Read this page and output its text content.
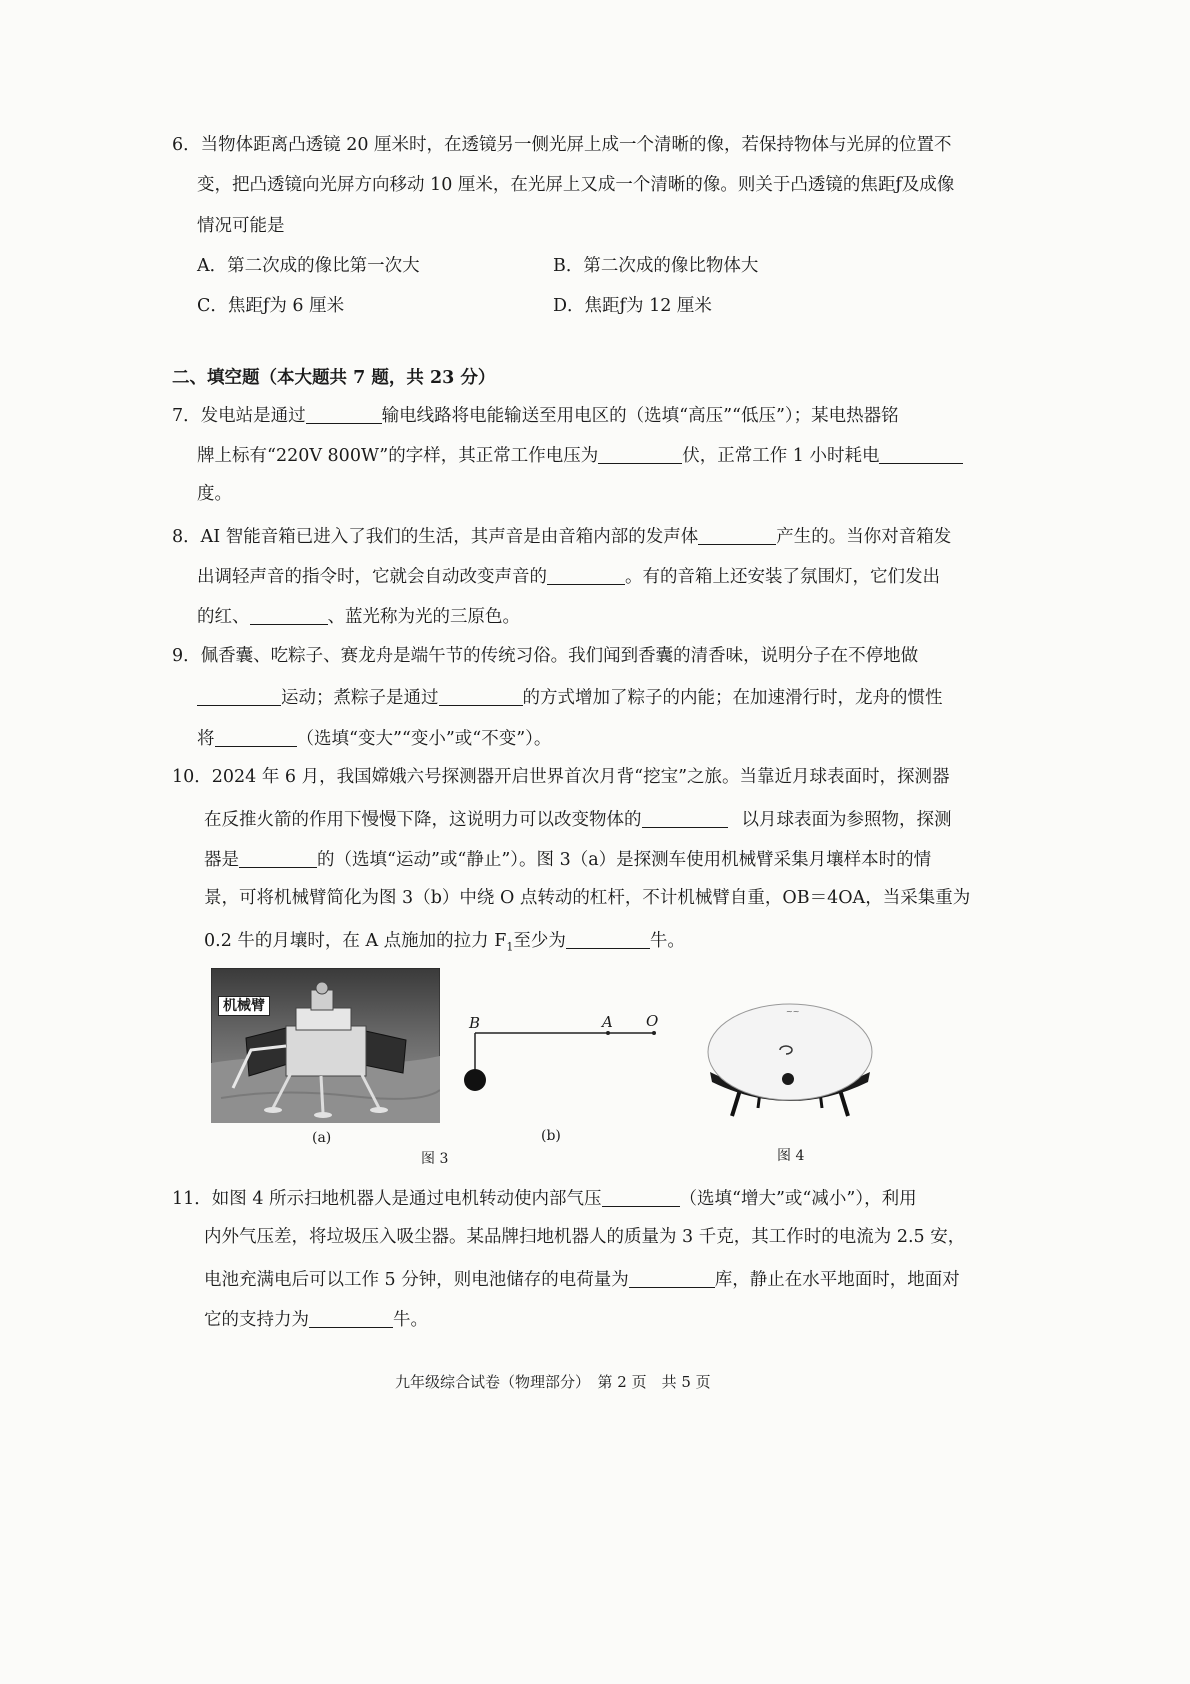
6．当物体距离凸透镜 20 厘米时，在透镜另一侧光屏上成一个清晰的像，若保持物体与光屏的位置不
变，把凸透镜向光屏方向移动 10 厘米，在光屏上又成一个清晰的像。则关于凸透镜的焦距ƒ及成像
情况可能是
A．第二次成的像比第一次大	B．第二次成的像比物体大
C．焦距ƒ为 6 厘米	D．焦距ƒ为 12 厘米
二、填空题（本大题共 7 题，共 23 分）
7．发电站是通过	输电线路将电能输送至用电区的（选填“高压”“低压”）；某电热器铭
牌上标有“220V 800W”的字样，其正常工作电压为	伏，正常工作 1 小时耗电
度。
8．AI 智能音箱已进入了我们的生活，其声音是由音箱内部的发声体	产生的。当你对音箱发
出调轻声音的指令时，它就会自动改变声音的	。有的音箱上还安装了氛围灯，它们发出
的红、	、蓝光称为光的三原色。
9．佩香囊、吃粽子、赛龙舟是端午节的传统习俗。我们闻到香囊的清香味，说明分子在不停地做
运动；煮粽子是通过	的方式增加了粽子的内能；在加速滑行时，龙舟的惯性
将	（选填“变大”“变小”或“不变”）。
10．2024 年 6 月，我国嫦娥六号探测器开启世界首次月背“挖宝”之旅。当靠近月球表面时，探测器
在反推火箭的作用下慢慢下降，这说明力可以改变物体的	以月球表面为参照物，探测
器是	的（选填“运动”或“静止”）。图 3（a）是探测车使用机械臂采集月壤样本时的情
景，可将机械臂简化为图 3（b）中绕 O 点转动的杠杆，不计机械臂自重，OB＝4OA，当采集重为
0.2 牛的月壤时，在 A 点施加的拉力 $F_1$至少为	牛。
机械臂
(a)
B	A O
(b)
图 3
~~
图 4
11．如图 4 所示扫地机器人是通过电机转动使内部气压	（选填“增大”或“减小”），利用
内外气压差，将垃圾压入吸尘器。某品牌扫地机器人的质量为 3 千克，其工作时的电流为 2.5 安，
电池充满电后可以工作 5 分钟，则电池储存的电荷量为	库，静止在水平地面时，地面对
它的支持力为	牛。
九年级综合试卷（物理部分）　第 2 页　共 5 页
